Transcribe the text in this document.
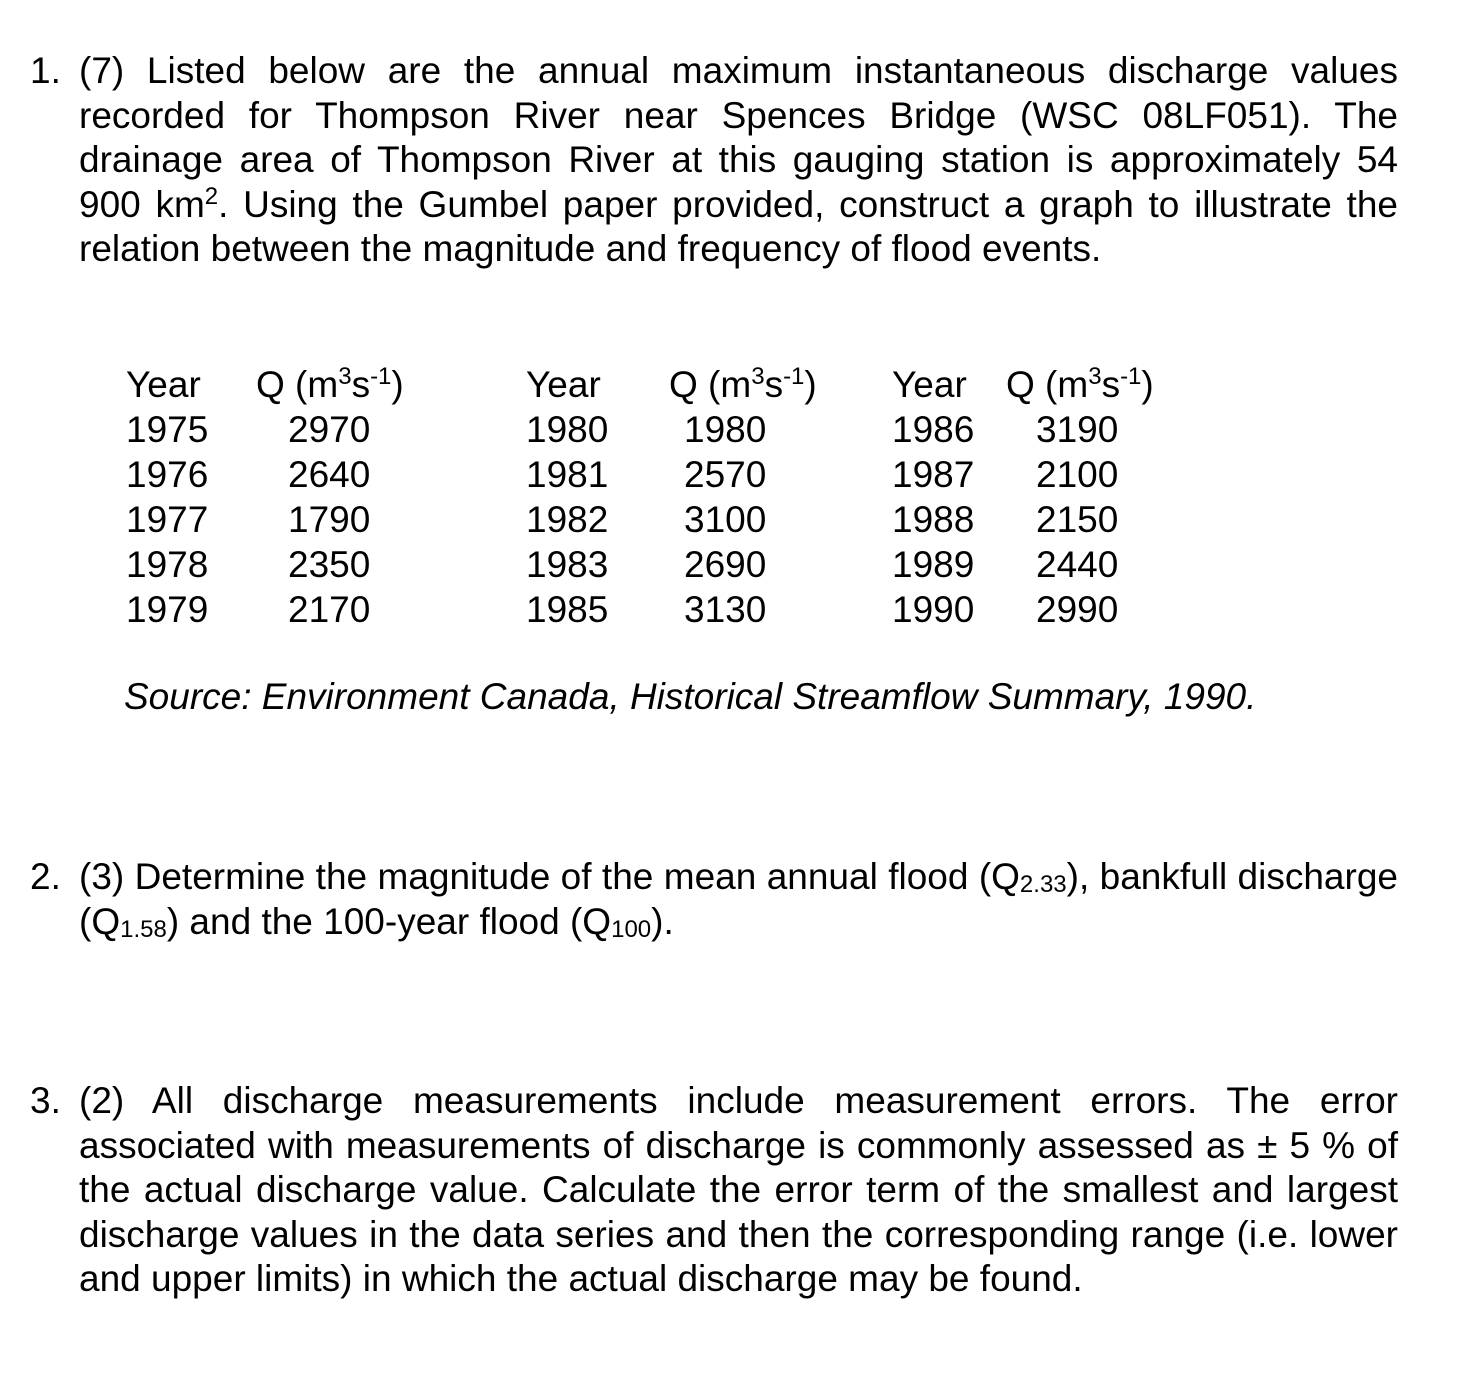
1. (7) Listed below are the annual maximum instantaneous discharge values recorded for Thompson River near Spences Bridge (WSC 08LF051). The drainage area of Thompson River at this gauging station is approximately 54 900 $km^2$. Using the Gumbel paper provided, construct a graph to illustrate the relation between the magnitude and frequency of flood events.
Year Q $(m^3s^{-1})$
1975 2970
1976 2640
1977 1790
1978 2350
1979 2170
Year Q $(m^3s^{-1})$
1980 1980
1981 2570
1982 3100
1983 2690
1985 3130
Year Q $(m^3s^{-1})$
1986 3190
1987 2100
1988 2150
1989 2440
1990 2990
Source: Environment Canada, Historical Streamflow Summary, 1990.
2. (3) Determine the magnitude of the mean annual flood $(Q_{2.33})$, bankfull discharge $(Q_{1.58})$ and the 100-year flood $(Q_{100})$.
3. (2) All discharge measurements include measurement errors. The error associated with measurements of discharge is commonly assessed as ± 5 % of the actual discharge value. Calculate the error term of the smallest and largest discharge values in the data series and then the corresponding range (i.e. lower and upper limits) in which the actual discharge may be found.
